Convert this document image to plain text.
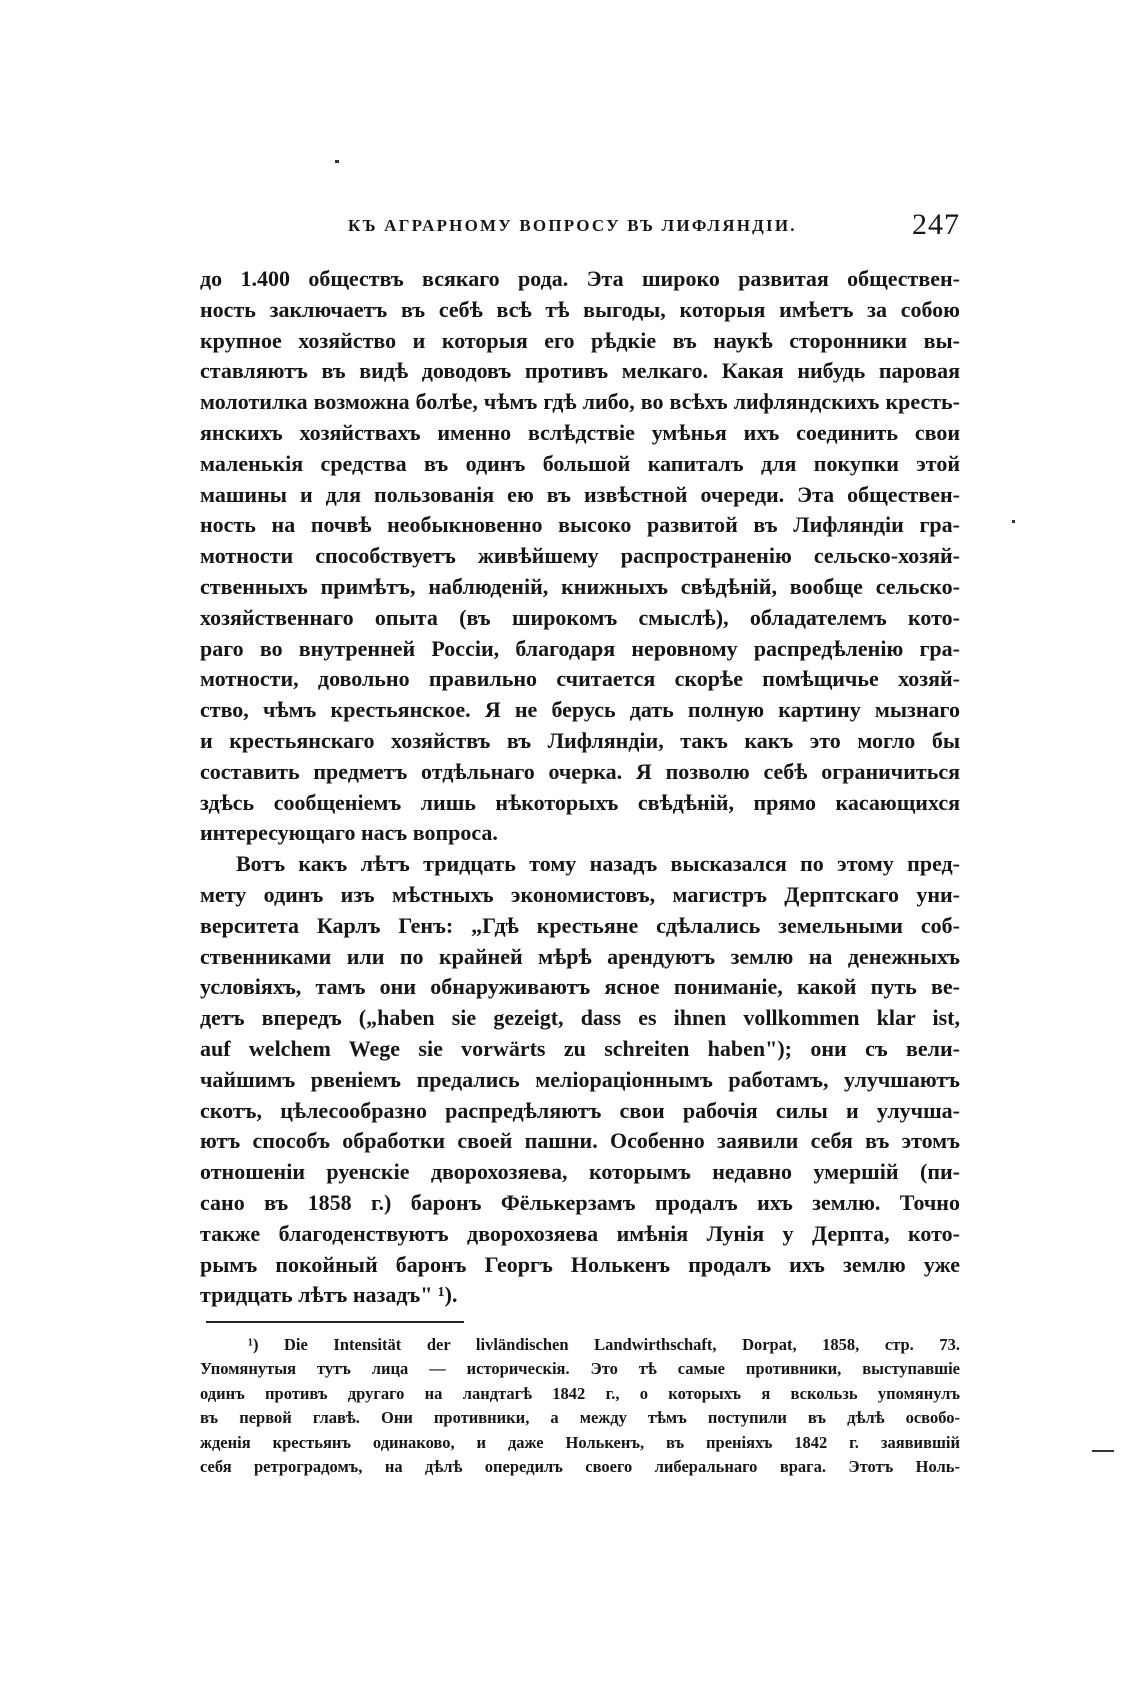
КЪ АГРАРНОМУ ВОПРОСУ ВЪ ЛИФЛЯНДІИ.	247
до 1.400 обществъ всякаго рода. Эта широко развитая обществен-
ность заключаетъ въ себѣ всѣ тѣ выгоды, которыя имѣетъ за собою
крупное хозяйство и которыя его рѣдкіе въ наукѣ сторонники вы-
ставляютъ въ видѣ доводовъ противъ мелкаго. Какая нибудь паровая
молотилка возможна болѣе, чѣмъ гдѣ либо, во всѣхъ лифляндскихъ кресть-
янскихъ хозяйствахъ именно вслѣдствіе умѣнья ихъ соединить свои
маленькія средства въ одинъ большой капиталъ для покупки этой
машины и для пользованія ею въ извѣстной очереди. Эта обществен-
ность на почвѣ необыкновенно высоко развитой въ Лифляндіи гра-
мотности способствуетъ живѣйшему распространенію сельско-хозяй-
ственныхъ примѣтъ, наблюденій, книжныхъ свѣдѣній, вообще сельско-
хозяйственнаго опыта (въ широкомъ смыслѣ), обладателемъ кото-
раго во внутренней Россіи, благодаря неровному распредѣленію гра-
мотности, довольно правильно считается скорѣе помѣщичье хозяй-
ство, чѣмъ крестьянское. Я не берусь дать полную картину мызнаго
и крестьянскаго хозяйствъ въ Лифляндіи, такъ какъ это могло бы
составить предметъ отдѣльнаго очерка. Я позволю себѣ ограничиться
здѣсь сообщеніемъ лишь нѣкоторыхъ свѣдѣній, прямо касающихся
интересующаго насъ вопроса.
Вотъ какъ лѣтъ тридцать тому назадъ высказался по этому пред-
мету одинъ изъ мѣстныхъ экономистовъ, магистръ Дерптскаго уни-
верситета Карлъ Генъ: „Гдѣ крестьяне сдѣлались земельными соб-
ственниками или по крайней мѣрѣ арендуютъ землю на денежныхъ
условіяхъ, тамъ они обнаруживаютъ ясное пониманіе, какой путь ве-
детъ впередъ („haben sie gezeigt, dass es ihnen vollkommen klar ist,
auf welchem Wege sie vorwärts zu schreiten haben"); они съ вели-
чайшимъ рвеніемъ предались меліораціоннымъ работамъ, улучшаютъ
скотъ, цѣлесообразно распредѣляютъ свои рабочія силы и улучша-
ютъ способъ обработки своей пашни. Особенно заявили себя въ этомъ
отношеніи руенскіе дворохозяева, которымъ недавно умершій (пи-
сано въ 1858 г.) баронъ Фёлькерзамъ продалъ ихъ землю. Точно
также благоденствуютъ дворохозяева имѣнія Лунія у Дерпта, кото-
рымъ покойный баронъ Георгъ Нолькенъ продалъ ихъ землю уже
тридцать лѣтъ назадъ" ¹).
¹) Die Intensität der livländischen Landwirthschaft, Dorpat, 1858, стр. 73.
Упомянутыя тутъ лица — историческія. Это тѣ самые противники, выступавшіе
одинъ противъ другаго на ландтагѣ 1842 г., о которыхъ я вскользь упомянулъ
въ первой главѣ. Они противники, а между тѣмъ поступили въ дѣлѣ освобо-
жденія крестьянъ одинаково, и даже Нолькенъ, въ преніяхъ 1842 г. заявившій
себя ретроградомъ, на дѣлѣ опередилъ своего либеральнаго врага. Этотъ Ноль-
